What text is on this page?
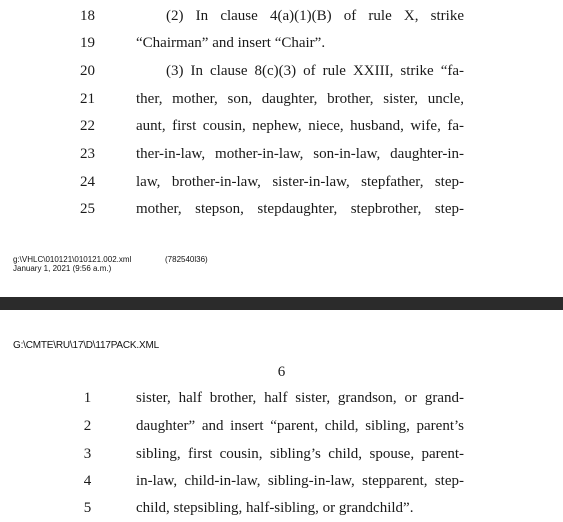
18	(2) In clause 4(a)(1)(B) of rule X, strike
19	“Chairman” and insert “Chair”.
20	(3) In clause 8(c)(3) of rule XXIII, strike “fa-
21	ther, mother, son, daughter, brother, sister, uncle,
22	aunt, first cousin, nephew, niece, husband, wife, fa-
23	ther-in-law, mother-in-law, son-in-law, daughter-in-
24	law, brother-in-law, sister-in-law, stepfather, step-
25	mother, stepson, stepdaughter, stepbrother, step-
g:\VHLC\010121\010121.002.xml
January 1, 2021 (9:56 a.m.)
(782540l36)
G:\CMTE\RU\17\D\117PACK.XML
6
1	sister, half brother, half sister, grandson, or grand-
2	daughter” and insert “parent, child, sibling, parent’s
3	sibling, first cousin, sibling’s child, spouse, parent-
4	in-law, child-in-law, sibling-in-law, stepparent, step-
5	child, stepsibling, half-sibling, or grandchild”.
